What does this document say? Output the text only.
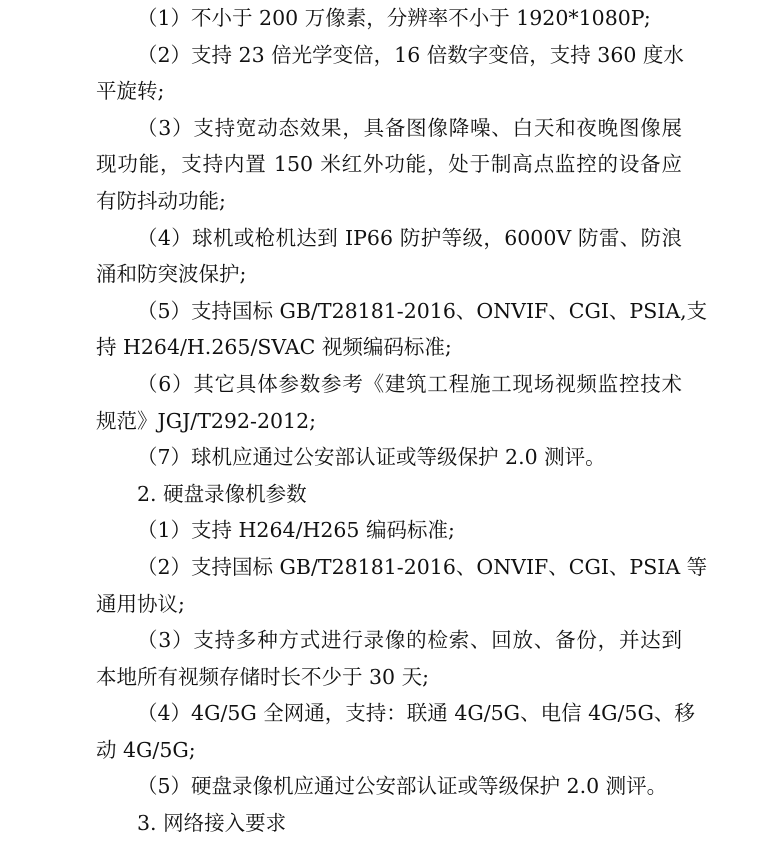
（1）不小于 200 万像素，分辨率不小于 1920*1080P;
（2）支持 23 倍光学变倍，16 倍数字变倍，支持 360 度水
平旋转;
（3）支持宽动态效果，具备图像降噪、白天和夜晚图像展
现功能，支持内置 150 米红外功能，处于制高点监控的设备应
有防抖动功能;
（4）球机或枪机达到 IP66 防护等级，6000V 防雷、防浪
涌和防突波保护;
（5）支持国标 GB/T28181-2016、ONVIF、CGI、PSIA,支
持 H264/H.265/SVAC 视频编码标准;
（6）其它具体参数参考《建筑工程施工现场视频监控技术
规范》JGJ/T292-2012;
（7）球机应通过公安部认证或等级保护 2.0 测评。
2. 硬盘录像机参数
（1）支持 H264/H265 编码标准;
（2）支持国标 GB/T28181-2016、ONVIF、CGI、PSIA 等
通用协议;
（3）支持多种方式进行录像的检索、回放、备份，并达到
本地所有视频存储时长不少于 30 天;
（4）4G/5G 全网通，支持：联通 4G/5G、电信 4G/5G、移
动 4G/5G;
（5）硬盘录像机应通过公安部认证或等级保护 2.0 测评。
3. 网络接入要求
